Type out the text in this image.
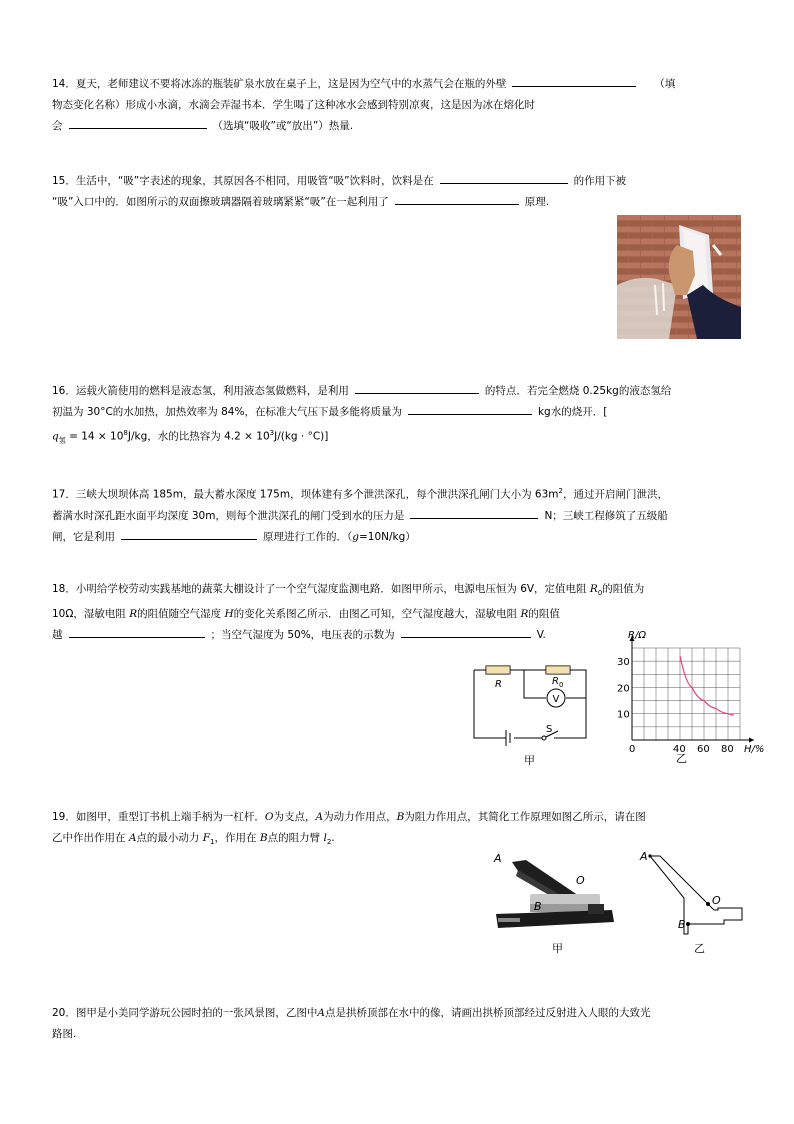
14．夏天，老师建议不要将冰冻的瓶装矿泉水放在桌子上，这是因为空气中的水蒸气会在瓶的外壁	（填
物态变化名称）形成小水滴，水滴会弄湿书本．学生喝了这种冰水会感到特别凉爽，这是因为冰在熔化时
会	（选填“吸收”或“放出”）热量.
15．生活中，“吸”字表述的现象，其原因各不相同，用吸管“吸”饮料时，饮料是在	的作用下被
“吸”入口中的．如图所示的双面擦玻璃器隔着玻璃紧紧“吸”在一起利用了	原理.
16．运载火箭使用的燃料是液态氢，利用液态氢做燃料，是利用	的特点．若完全燃烧 0.25kg的液态氢给
初温为 30°C的水加热，加热效率为 84%，在标准大气压下最多能将质量为	kg水的烧开．[
$q_氢 = 14 \times 10^8J/kg$，水的比热容为 $4.2 \times 10^3J/(kg \cdot ^\circ C)$]
17．三峡大坝坝体高 185m，最大蓄水深度 175m，坝体建有多个泄洪深孔，每个泄洪深孔闸门大小为 $63m^2$，通过开启闸门泄洪，
蓄满水时深孔距水面平均深度 30m，则每个泄洪深孔的闸门受到水的压力是	N；三峡工程修筑了五级船
闸，它是利用	原理进行工作的．（g=10N/kg）
18．小明给学校劳动实践基地的蔬菜大棚设计了一个空气湿度监测电路．如图甲所示，电源电压恒为 6V，定值电阻 $R_0$的阻值为
10Ω，湿敏电阻 R的阻值随空气湿度 H的变化关系图乙所示．由图乙可知，空气湿度越大，湿敏电阻 R的阻值
越	；当空气湿度为 50%，电压表的示数为	V.
R	R 0
V
S
甲
0	40 60 80
10
20
30
H/%
R/Ω
乙
19．如图甲，重型订书机上端手柄为一杠杆．O为支点，A为动力作用点，B为阻力作用点，其简化工作原理如图乙所示，请在图
乙中作出作用在 A点的最小动力 $F_1$，作用在 B点的阻力臂 $l_2$.
A
O
B
甲
A
O
B
乙
20．图甲是小美同学游玩公园时拍的一张风景图，乙图中A点是拱桥顶部在水中的像，请画出拱桥顶部经过反射进入人眼的大致光
路图.
